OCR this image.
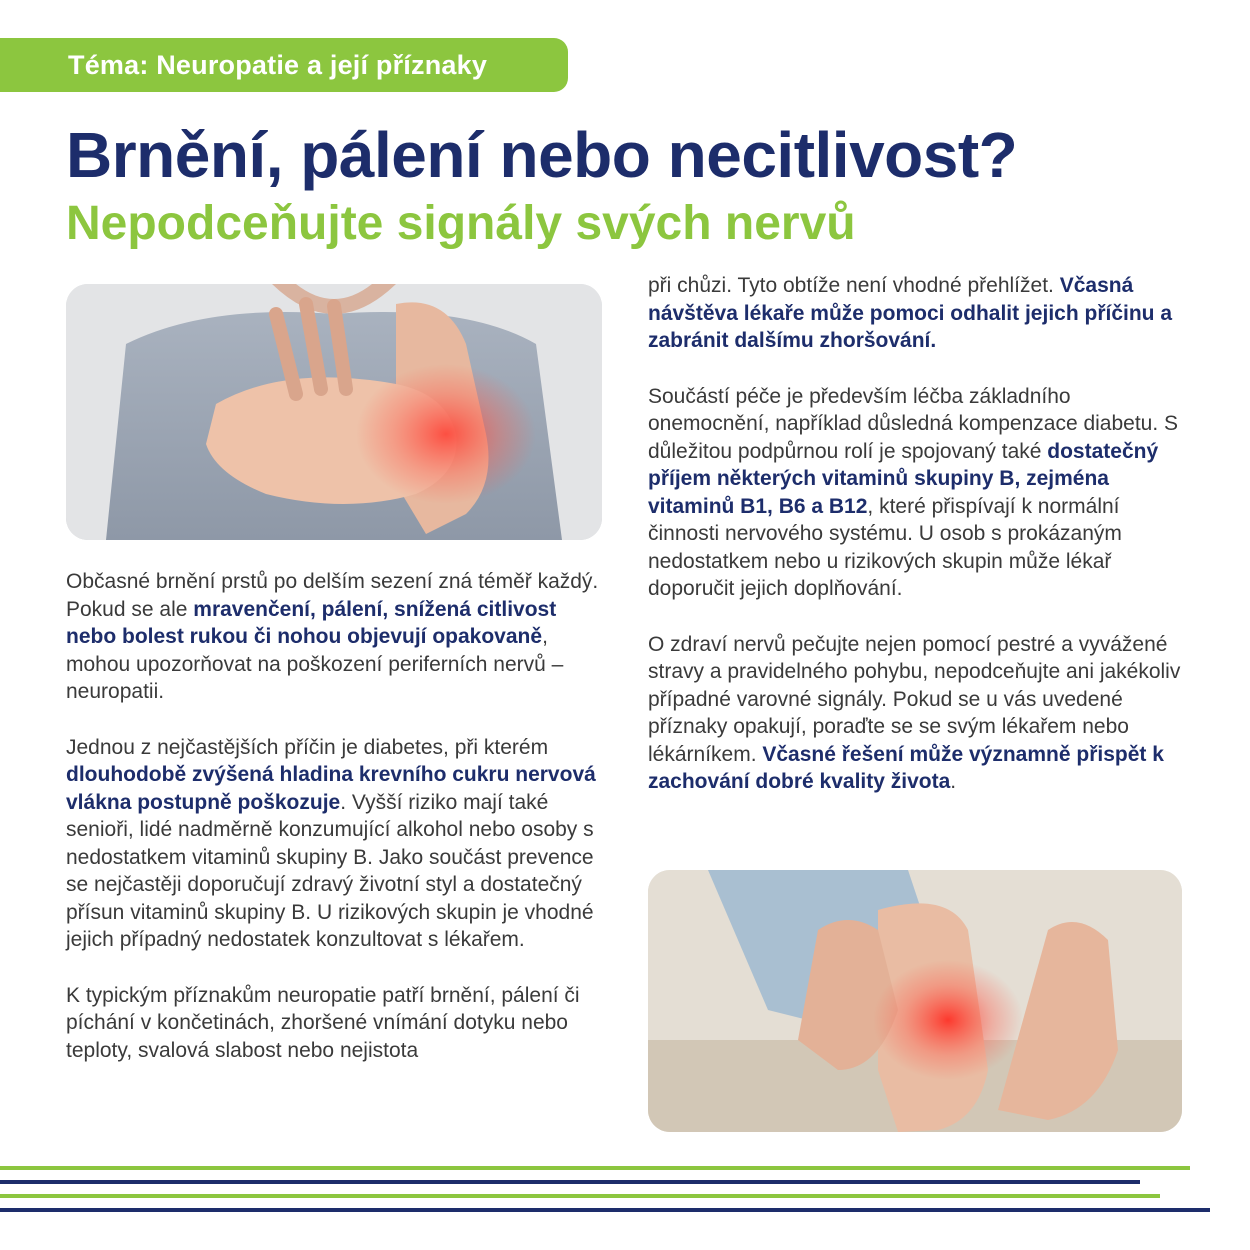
Téma: Neuropatie a její příznaky
Brnění, pálení nebo necitlivost?
Nepodceňujte signály svých nervů

Občasné brnění prstů po delším sezení zná téměř každý. Pokud se ale mravenčení, pálení, snížená citlivost nebo bolest rukou či nohou objevují opakovaně, mohou upozorňovat na poškození periferních nervů – neuropatii.

Jednou z nejčastějších příčin je diabetes, při kterém dlouhodobě zvýšená hladina krevního cukru nervová vlákna postupně poškozuje. Vyšší riziko mají také senioři, lidé nadměrně konzumující alkohol nebo osoby s nedostatkem vitaminů skupiny B. Jako součást prevence se nejčastěji doporučují zdravý životní styl a dostatečný přísun vitaminů skupiny B. U rizikových skupin je vhodné jejich případný nedostatek konzultovat s lékařem.

K typickým příznakům neuropatie patří brnění, pálení či píchání v končetinách, zhoršené vnímání dotyku nebo teploty, svalová slabost nebo nejistota

při chůzi. Tyto obtíže není vhodné přehlížet. Včasná návštěva lékaře může pomoci odhalit jejich příčinu a zabránit dalšímu zhoršování.

Součástí péče je především léčba základního onemocnění, například důsledná kompenzace diabetu. S důležitou podpůrnou rolí je spojovaný také dostatečný příjem některých vitaminů skupiny B, zejména vitaminů B1, B6 a B12, které přispívají k normální činnosti nervového systému. U osob s prokázaným nedostatkem nebo u rizikových skupin může lékař doporučit jejich doplňování.

O zdraví nervů pečujte nejen pomocí pestré a vyvážené stravy a pravidelného pohybu, nepodceňujte ani jakékoliv případné varovné signály. Pokud se u vás uvedené příznaky opakují, poraďte se se svým lékařem nebo lékárníkem. Včasné řešení může významně přispět k zachování dobré kvality života.
